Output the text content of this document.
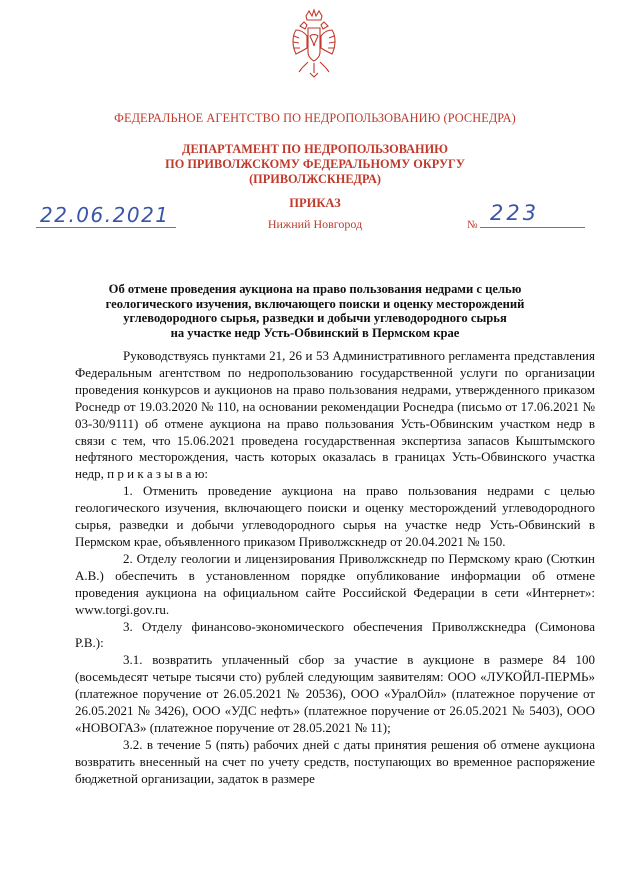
ФЕДЕРАЛЬНОЕ АГЕНТСТВО ПО НЕДРОПОЛЬЗОВАНИЮ (РОСНЕДРА)
ДЕПАРТАМЕНТ ПО НЕДРОПОЛЬЗОВАНИЮ
ПО ПРИВОЛЖСКОМУ ФЕДЕРАЛЬНОМУ ОКРУГУ
(ПРИВОЛЖСКНЕДРА)
ПРИКАЗ
22.06.2021	Нижний Новгород	№ 223
Об отмене проведения аукциона на право пользования недрами с целью
геологического изучения, включающего поиски и оценку месторождений
углеводородного сырья, разведки и добычи углеводородного сырья
на участке недр Усть-Обвинский в Пермском крае

Руководствуясь пунктами 21, 26 и 53 Административного регламента представления Федеральным агентством по недропользованию государственной услуги по организации проведения конкурсов и аукционов на право пользования недрами, утвержденного приказом Роснедр от 19.03.2020 № 110, на основании рекомендации Роснедра (письмо от 17.06.2021 № 03-30/9111) об отмене аукциона на право пользования Усть-Обвинским участком недр в связи с тем, что 15.06.2021 проведена государственная экспертиза запасов Кыштымского нефтяного месторождения, часть которых оказалась в границах Усть-Обвинского участка недр, п р и к а з ы в а ю:

1. Отменить проведение аукциона на право пользования недрами с целью геологического изучения, включающего поиски и оценку месторождений углеводородного сырья, разведки и добычи углеводородного сырья на участке недр Усть-Обвинский в Пермском крае, объявленного приказом Приволжскнедр от 20.04.2021 № 150.

2. Отделу геологии и лицензирования Приволжскнедр по Пермскому краю (Сюткин А.В.) обеспечить в установленном порядке опубликование информации об отмене проведения аукциона на официальном сайте Российской Федерации в сети «Интернет»: www.torgi.gov.ru.

3. Отделу финансово-экономического обеспечения Приволжскнедра (Симонова Р.В.):

3.1. возвратить уплаченный сбор за участие в аукционе в размере 84 100 (восемьдесят четыре тысячи сто) рублей следующим заявителям: ООО «ЛУКОЙЛ-ПЕРМЬ» (платежное поручение от 26.05.2021 № 20536), ООО «УралОйл» (платежное поручение от 26.05.2021 № 3426), ООО «УДС нефть» (платежное поручение от 26.05.2021 № 5403), ООО «НОВОГАЗ» (платежное поручение от 28.05.2021 № 11);

3.2. в течение 5 (пять) рабочих дней с даты принятия решения об отмене аукциона возвратить внесенный на счет по учету средств, поступающих во временное распоряжение бюджетной организации, задаток в размере
